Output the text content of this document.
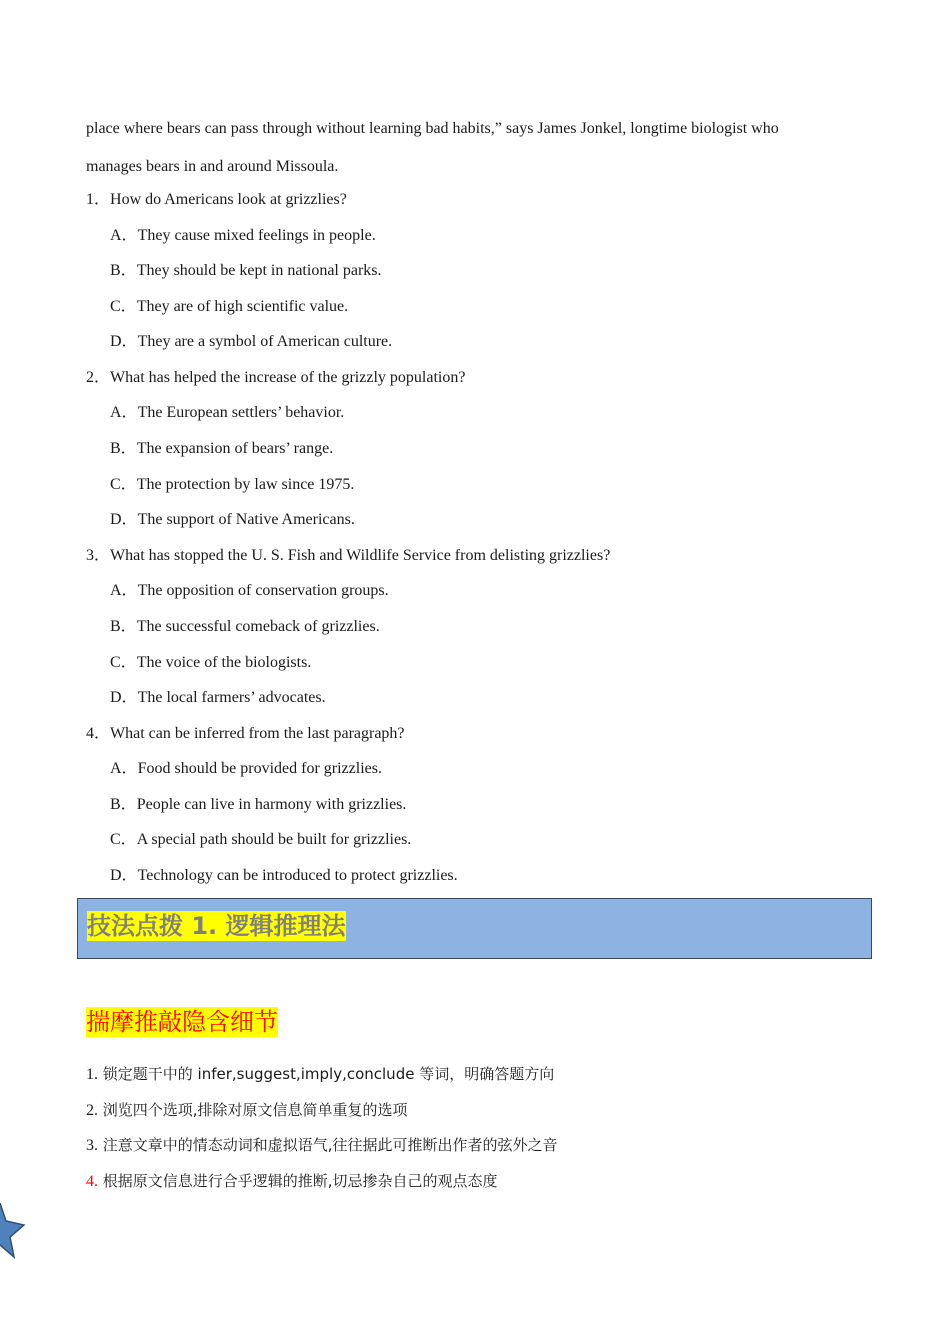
place where bears can pass through without learning bad habits,” says James Jonkel, longtime biologist who
manages bears in and around Missoula.
1．How do Americans look at grizzlies?
A．They cause mixed feelings in people.
B．They should be kept in national parks.
C．They are of high scientific value.
D．They are a symbol of American culture.
2．What has helped the increase of the grizzly population?
A．The European settlers’ behavior.
B．The expansion of bears’ range.
C．The protection by law since 1975.
D．The support of Native Americans.
3．What has stopped the U. S. Fish and Wildlife Service from delisting grizzlies?
A．The opposition of conservation groups.
B．The successful comeback of grizzlies.
C．The voice of the biologists.
D．The local farmers’ advocates.
4．What can be inferred from the last paragraph?
A．Food should be provided for grizzlies.
B．People can live in harmony with grizzlies.
C．A special path should be built for grizzlies.
D．Technology can be introduced to protect grizzlies.
技法点拨 1. 逻辑推理法
揣摩推敲隐含细节
1. 锁定题干中的 infer,suggest,imply,conclude 等词，明确答题方向
2. 浏览四个选项,排除对原文信息简单重复的选项
3. 注意文章中的情态动词和虚拟语气,往往据此可推断出作者的弦外之音
4. 根据原文信息进行合乎逻辑的推断,切忌掺杂自己的观点态度
